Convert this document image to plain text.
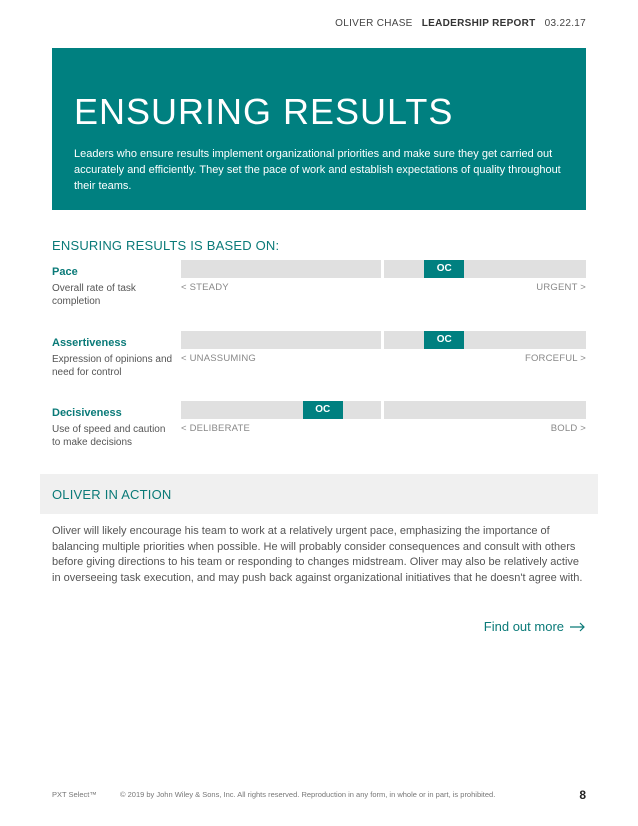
OLIVER CHASE LEADERSHIP REPORT 03.22.17
ENSURING RESULTS

Leaders who ensure results implement organizational priorities and make sure they get carried out accurately and efficiently. They set the pace of work and establish expectations of quality throughout their teams.

ENSURING RESULTS IS BASED ON:
Pace
Overall rate of task completion
OC
< STEADY	URGENT >
Assertiveness
Expression of opinions and need for control
OC
< UNASSUMING	FORCEFUL >
Decisiveness
Use of speed and caution to make decisions
OC
< DELIBERATE	BOLD >
OLIVER IN ACTION

Oliver will likely encourage his team to work at a relatively urgent pace, emphasizing the importance of balancing multiple priorities when possible. He will probably consider consequences and consult with others before giving directions to his team or responding to changes midstream. Oliver may also be relatively active in overseeing task execution, and may push back against organizational initiatives that he doesn't agree with.

Find out more
PXT Select™	© 2019 by John Wiley & Sons, Inc. All rights reserved. Reproduction in any form, in whole or in part, is prohibited.	8
